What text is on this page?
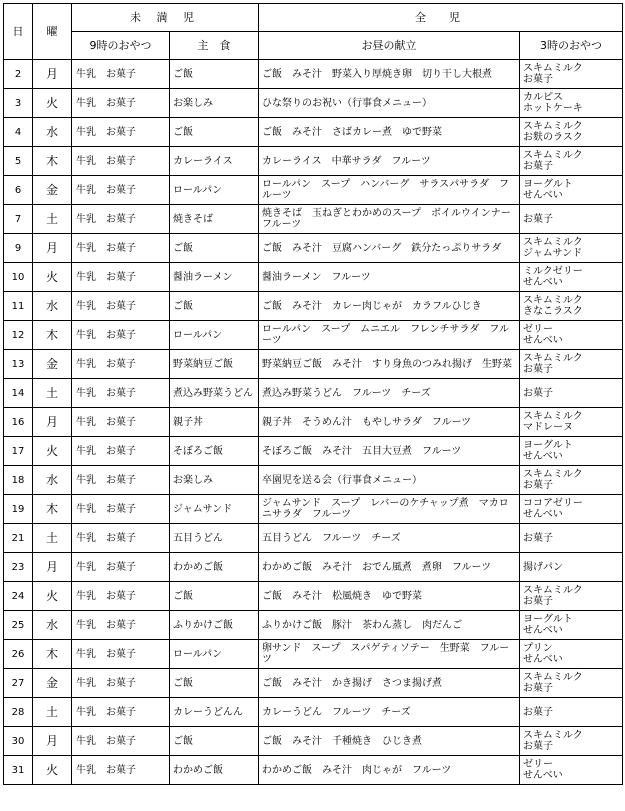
日	曜	未 満 児		全　児	
		9時のおやつ	主　食	お昼の献立	3時のおやつ

2	月	牛乳　お菓子	ご飯	ご飯　みそ汁　野菜入り厚焼き卵　切り干し大根煮	スキムミルク
お菓子

3	火	牛乳　お菓子	お楽しみ	ひな祭りのお祝い（行事食メニュー）	カルピス
ホットケーキ

4	水	牛乳　お菓子	ご飯	ご飯　みそ汁　さばカレー煮　ゆで野菜	スキムミルク
お麩のラスク

5	木	牛乳　お菓子	カレーライス	カレーライス　中華サラダ　フルーツ	スキムミルク
お菓子

6	金	牛乳　お菓子	ロールパン	ロールパン　スープ　ハンバーグ　サラスパサラダ　フルーツ	ヨーグルト
せんべい

7	土	牛乳　お菓子	焼きそば	焼きそば　玉ねぎとわかめのスープ　ボイルウインナー　フルーツ	お菓子

9	月	牛乳　お菓子	ご飯	ご飯　みそ汁　豆腐ハンバーグ　鉄分たっぷりサラダ	スキムミルク
ジャムサンド

10	火	牛乳　お菓子	醤油ラーメン	醤油ラーメン　フルーツ	ミルクゼリー
せんべい

11	水	牛乳　お菓子	ご飯	ご飯　みそ汁　カレー肉じゃが　カラフルひじき	スキムミルク
きなこラスク

12	木	牛乳　お菓子	ロールパン	ロールパン　スープ　ムニエル　フレンチサラダ　フルーツ	ゼリー
せんべい

13	金	牛乳　お菓子	野菜納豆ご飯	野菜納豆ご飯　みそ汁　すり身魚のつみれ揚げ　生野菜	スキムミルク
お菓子

14	土	牛乳　お菓子	煮込み野菜うどん	煮込み野菜うどん　フルーツ　チーズ	お菓子

16	月	牛乳　お菓子	親子丼	親子丼　そうめん汁　もやしサラダ　フルーツ	スキムミルク
マドレーヌ

17	火	牛乳　お菓子	そぼろご飯	そぼろご飯　みそ汁　五目大豆煮　フルーツ	ヨーグルト
せんべい

18	水	牛乳　お菓子	お楽しみ	卒園児を送る会（行事食メニュー）	スキムミルク
お菓子

19	木	牛乳　お菓子	ジャムサンド	ジャムサンド　スープ　レバーのケチャップ煮　マカロニサラダ　フルーツ	ココアゼリー
せんべい

21	土	牛乳　お菓子	五目うどん	五目うどん　フルーツ　チーズ	お菓子

23	月	牛乳　お菓子	わかめご飯	わかめご飯　みそ汁　おでん風煮　煮卵　フルーツ	揚げパン

24	火	牛乳　お菓子	ご飯	ご飯　みそ汁　松風焼き　ゆで野菜	スキムミルク
お菓子

25	水	牛乳　お菓子	ふりかけご飯	ふりかけご飯　豚汁　茶わん蒸し　肉だんご	ヨーグルト
せんべい

26	木	牛乳　お菓子	ロールパン	卵サンド　スープ　スパゲティソテー　生野菜　フルーツ	プリン
せんべい

27	金	牛乳　お菓子	ご飯	ご飯　みそ汁　かき揚げ　さつま揚げ煮	スキムミルク
お菓子

28	土	牛乳　お菓子	カレーうどんん	カレーうどん　フルーツ　チーズ	お菓子

30	月	牛乳　お菓子	ご飯	ご飯　みそ汁　千種焼き　ひじき煮	スキムミルク
お菓子

31	火	牛乳　お菓子	わかめご飯	わかめご飯　みそ汁　肉じゃが　フルーツ	ゼリー
せんべい
